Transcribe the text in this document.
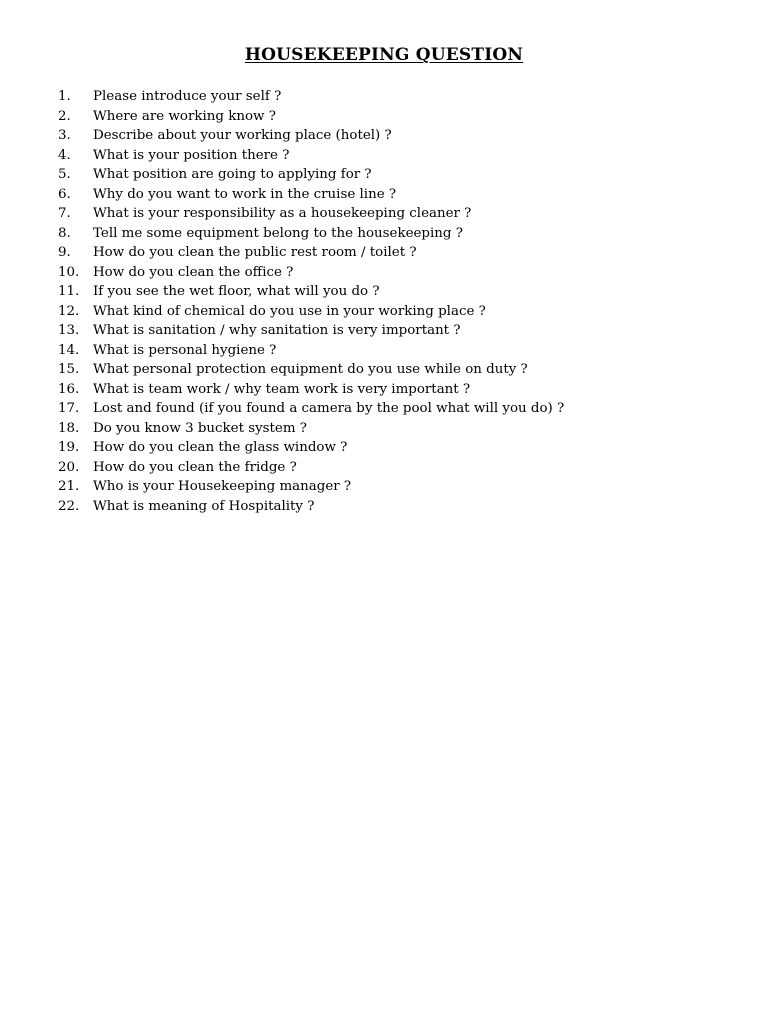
HOUSEKEEPING QUESTION
1.	Please introduce your self ?
2.	Where are working know ?
3.	Describe about your working place (hotel) ?
4.	What is your position there ?
5.	What position are going to applying for ?
6.	Why do you want to work in the cruise line ?
7.	What is your responsibility as a housekeeping cleaner ?
8.	Tell me some equipment belong to the housekeeping ?
9.	How do you clean the public rest room / toilet ?
10.	How do you clean the office ?
11.	If you see the wet floor, what will you do ?
12.	What kind of chemical do you use in your working place ?
13.	What is sanitation / why sanitation is very important ?
14.	What is personal hygiene ?
15.	What personal protection equipment do you use while on duty ?
16.	What is team work / why team work is very important ?
17.	Lost and found (if you found a camera by the pool what will you do) ?
18.	Do you know 3 bucket system ?
19.	How do you clean the glass window ?
20.	How do you clean the fridge ?
21.	Who is your Housekeeping manager ?
22.	What is meaning of Hospitality ?
